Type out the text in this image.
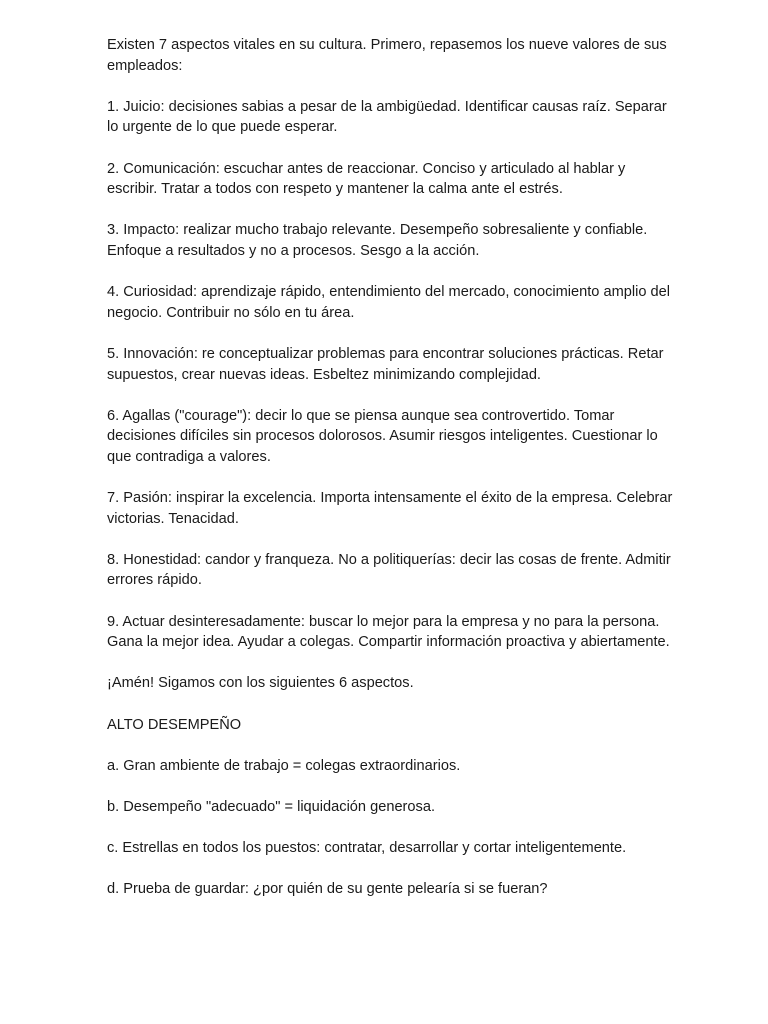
Existen 7 aspectos vitales en su cultura. Primero, repasemos los nueve valores de sus empleados:

1. Juicio: decisiones sabias a pesar de la ambigüedad. Identificar causas raíz. Separar lo urgente de lo que puede esperar.

2. Comunicación: escuchar antes de reaccionar. Conciso y articulado al hablar y escribir. Tratar a todos con respeto y mantener la calma ante el estrés.

3. Impacto: realizar mucho trabajo relevante. Desempeño sobresaliente y confiable. Enfoque a resultados y no a procesos. Sesgo a la acción.

4. Curiosidad: aprendizaje rápido, entendimiento del mercado, conocimiento amplio del negocio. Contribuir no sólo en tu área.

5. Innovación: re conceptualizar problemas para encontrar soluciones prácticas. Retar supuestos, crear nuevas ideas. Esbeltez minimizando complejidad.

6. Agallas ("courage"): decir lo que se piensa aunque sea controvertido. Tomar decisiones difíciles sin procesos dolorosos. Asumir riesgos inteligentes. Cuestionar lo que contradiga a valores.

7. Pasión: inspirar la excelencia. Importa intensamente el éxito de la empresa. Celebrar victorias. Tenacidad.

8. Honestidad: candor y franqueza. No a politiquerías: decir las cosas de frente. Admitir errores rápido.

9. Actuar desinteresadamente: buscar lo mejor para la empresa y no para la persona. Gana la mejor idea. Ayudar a colegas. Compartir información proactiva y abiertamente.

¡Amén! Sigamos con los siguientes 6 aspectos.

ALTO DESEMPEÑO

a. Gran ambiente de trabajo = colegas extraordinarios.

b. Desempeño "adecuado" = liquidación generosa.

c. Estrellas en todos los puestos: contratar, desarrollar y cortar inteligentemente.

d. Prueba de guardar: ¿por quién de su gente pelearía si se fueran?
